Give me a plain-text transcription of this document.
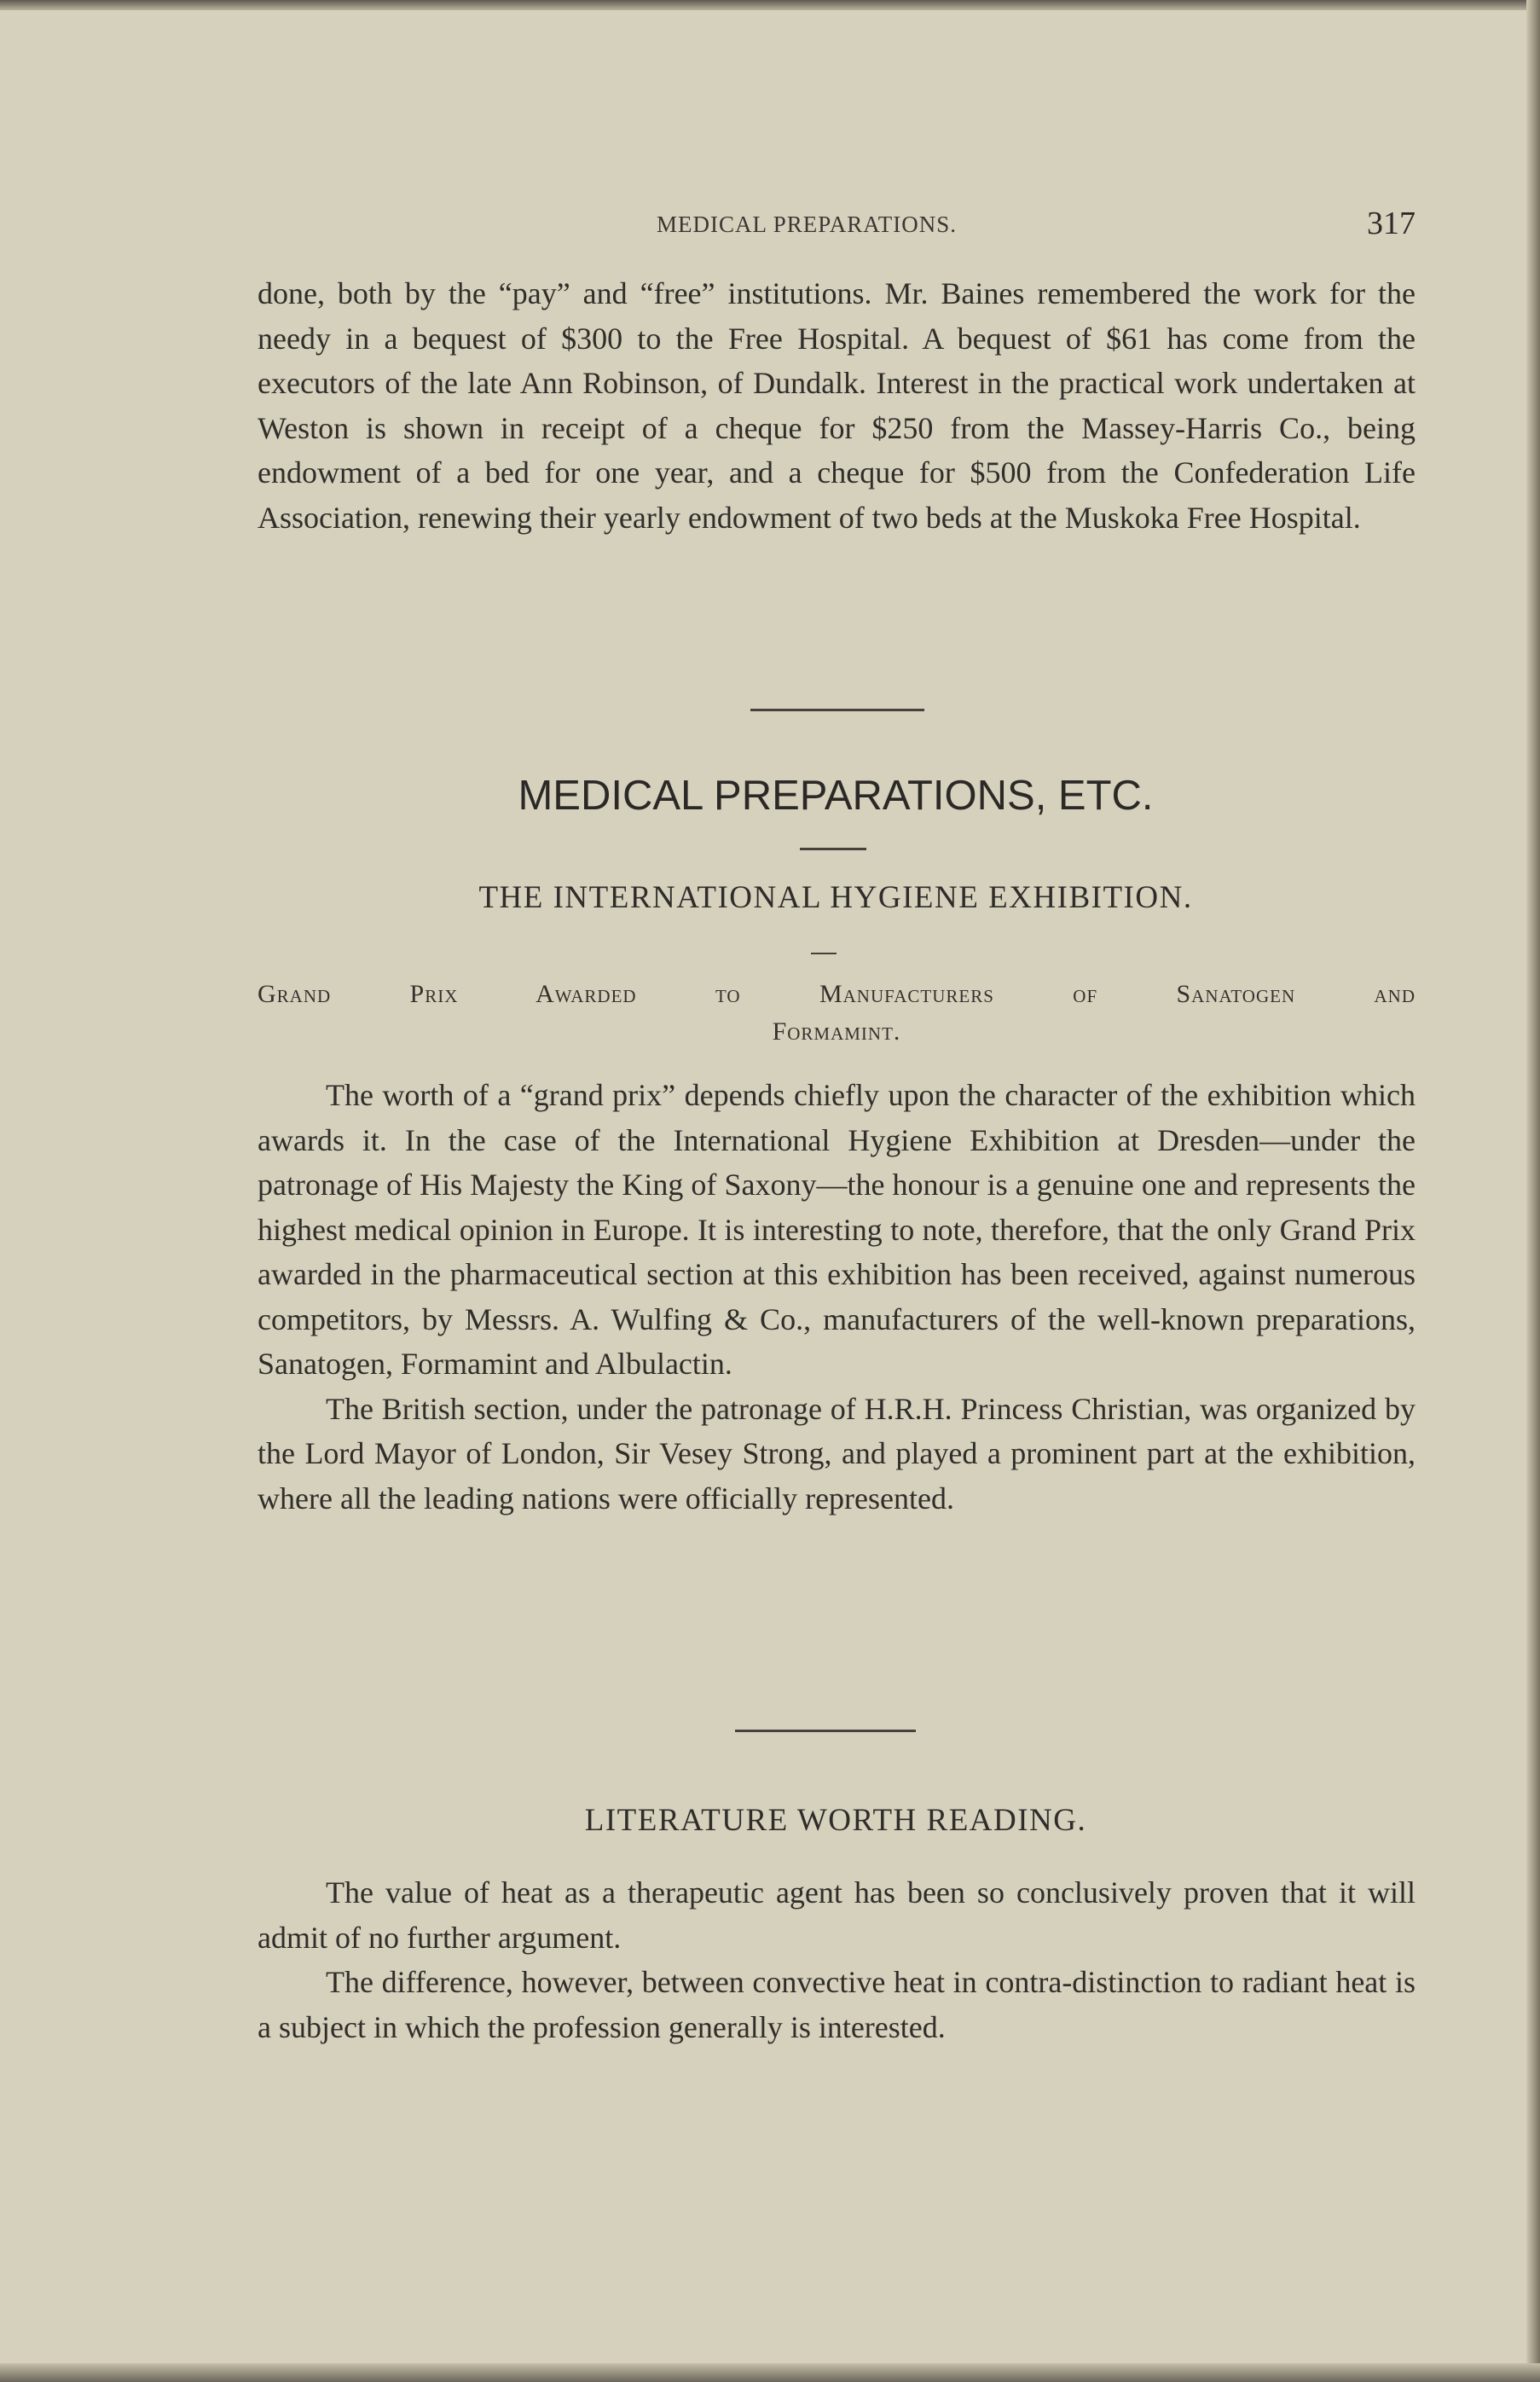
MEDICAL PREPARATIONS.	317

done, both by the “pay” and “free” institutions. Mr. Baines remembered the work for the needy in a bequest of $300 to the Free Hospital. A bequest of $61 has come from the executors of the late Ann Robinson, of Dundalk. Interest in the practical work undertaken at Weston is shown in receipt of a cheque for $250 from the Massey-Harris Co., being endowment of a bed for one year, and a cheque for $500 from the Confederation Life Association, renewing their yearly endowment of two beds at the Muskoka Free Hospital.

MEDICAL PREPARATIONS, ETC.
THE INTERNATIONAL HYGIENE EXHIBITION.
Grand Prix Awarded to Manufacturers of Sanatogen and
Formamint.

The worth of a “grand prix” depends chiefly upon the character of the exhibition which awards it. In the case of the International Hygiene Exhibition at Dresden—under the patronage of His Majesty the King of Saxony—the honour is a genuine one and represents the highest medical opinion in Europe. It is interesting to note, therefore, that the only Grand Prix awarded in the pharmaceutical section at this exhibition has been received, against numerous competitors, by Messrs. A. Wulfing & Co., manufacturers of the well-known preparations, Sanatogen, Formamint and Albulactin.

The British section, under the patronage of H.R.H. Princess Christian, was organized by the Lord Mayor of London, Sir Vesey Strong, and played a prominent part at the exhibition, where all the leading nations were officially represented.

LITERATURE WORTH READING.

The value of heat as a therapeutic agent has been so conclusively proven that it will admit of no further argument.

The difference, however, between convective heat in contra-distinction to radiant heat is a subject in which the profession generally is interested.
